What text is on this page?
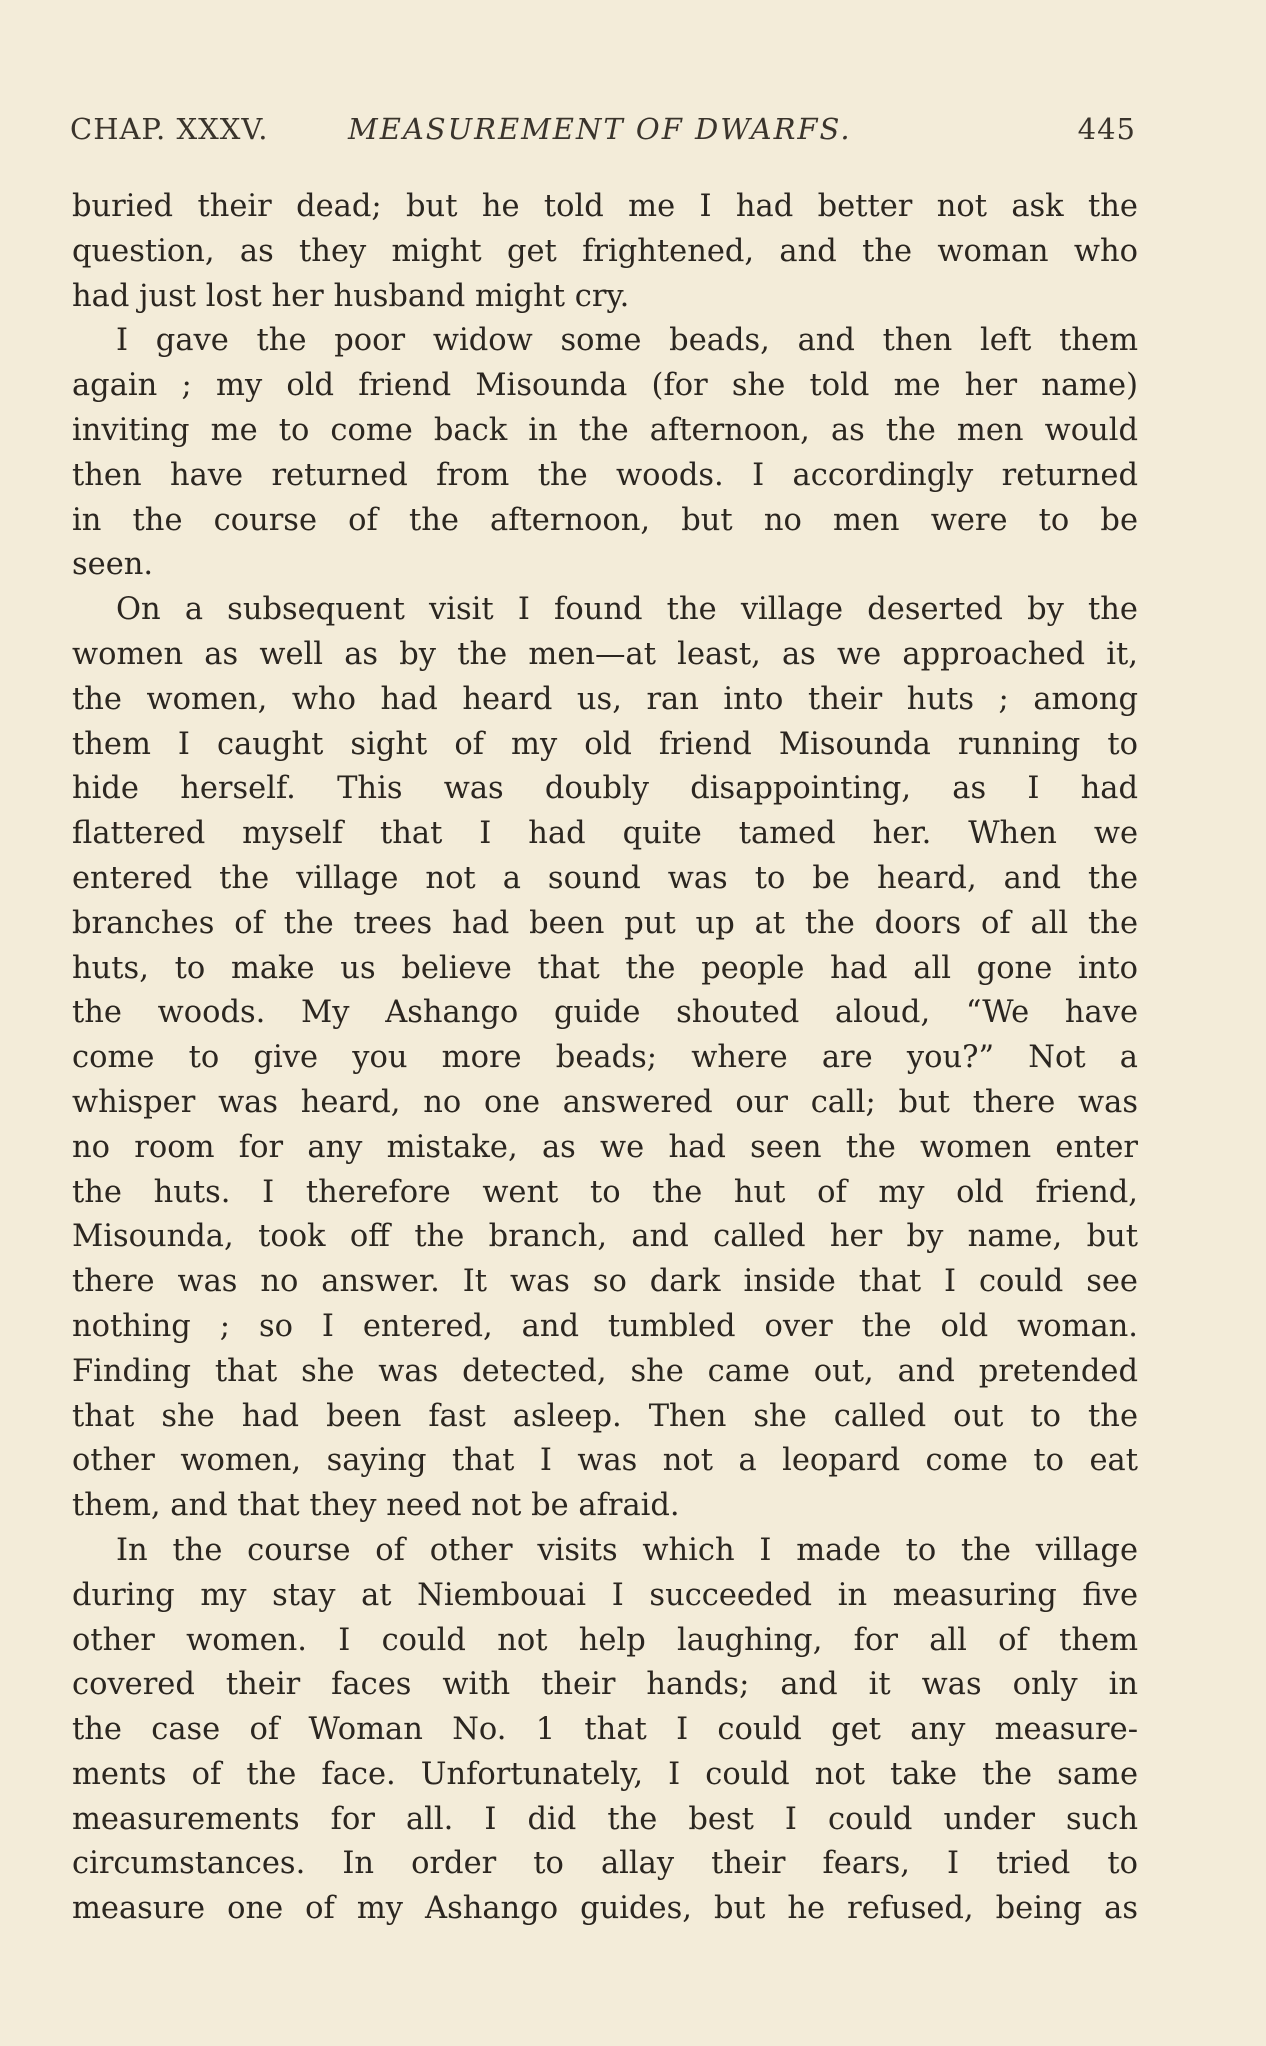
CHAP. XXXV.	MEASUREMENT OF DWARFS.	445
buried their dead; but he told me I had better not ask the
question, as they might get frightened, and the woman who
had just lost her husband might cry.
I gave the poor widow some beads, and then left them
again ; my old friend Misounda (for she told me her name)
inviting me to come back in the afternoon, as the men would
then have returned from the woods. I accordingly returned
in the course of the afternoon, but no men were to be
seen.
On a subsequent visit I found the village deserted by the
women as well as by the men—at least, as we approached it,
the women, who had heard us, ran into their huts ; among
them I caught sight of my old friend Misounda running to
hide herself. This was doubly disappointing, as I had
flattered myself that I had quite tamed her. When we
entered the village not a sound was to be heard, and the
branches of the trees had been put up at the doors of all the
huts, to make us believe that the people had all gone into
the woods. My Ashango guide shouted aloud, “We have
come to give you more beads; where are you?” Not a
whisper was heard, no one answered our call; but there was
no room for any mistake, as we had seen the women enter
the huts. I therefore went to the hut of my old friend,
Misounda, took off the branch, and called her by name, but
there was no answer. It was so dark inside that I could see
nothing ; so I entered, and tumbled over the old woman.
Finding that she was detected, she came out, and pretended
that she had been fast asleep. Then she called out to the
other women, saying that I was not a leopard come to eat
them, and that they need not be afraid.
In the course of other visits which I made to the village
during my stay at Niembouai I succeeded in measuring five
other women. I could not help laughing, for all of them
covered their faces with their hands; and it was only in
the case of Woman No. 1 that I could get any measure-
ments of the face. Unfortunately, I could not take the same
measurements for all. I did the best I could under such
circumstances. In order to allay their fears, I tried to
measure one of my Ashango guides, but he refused, being as
